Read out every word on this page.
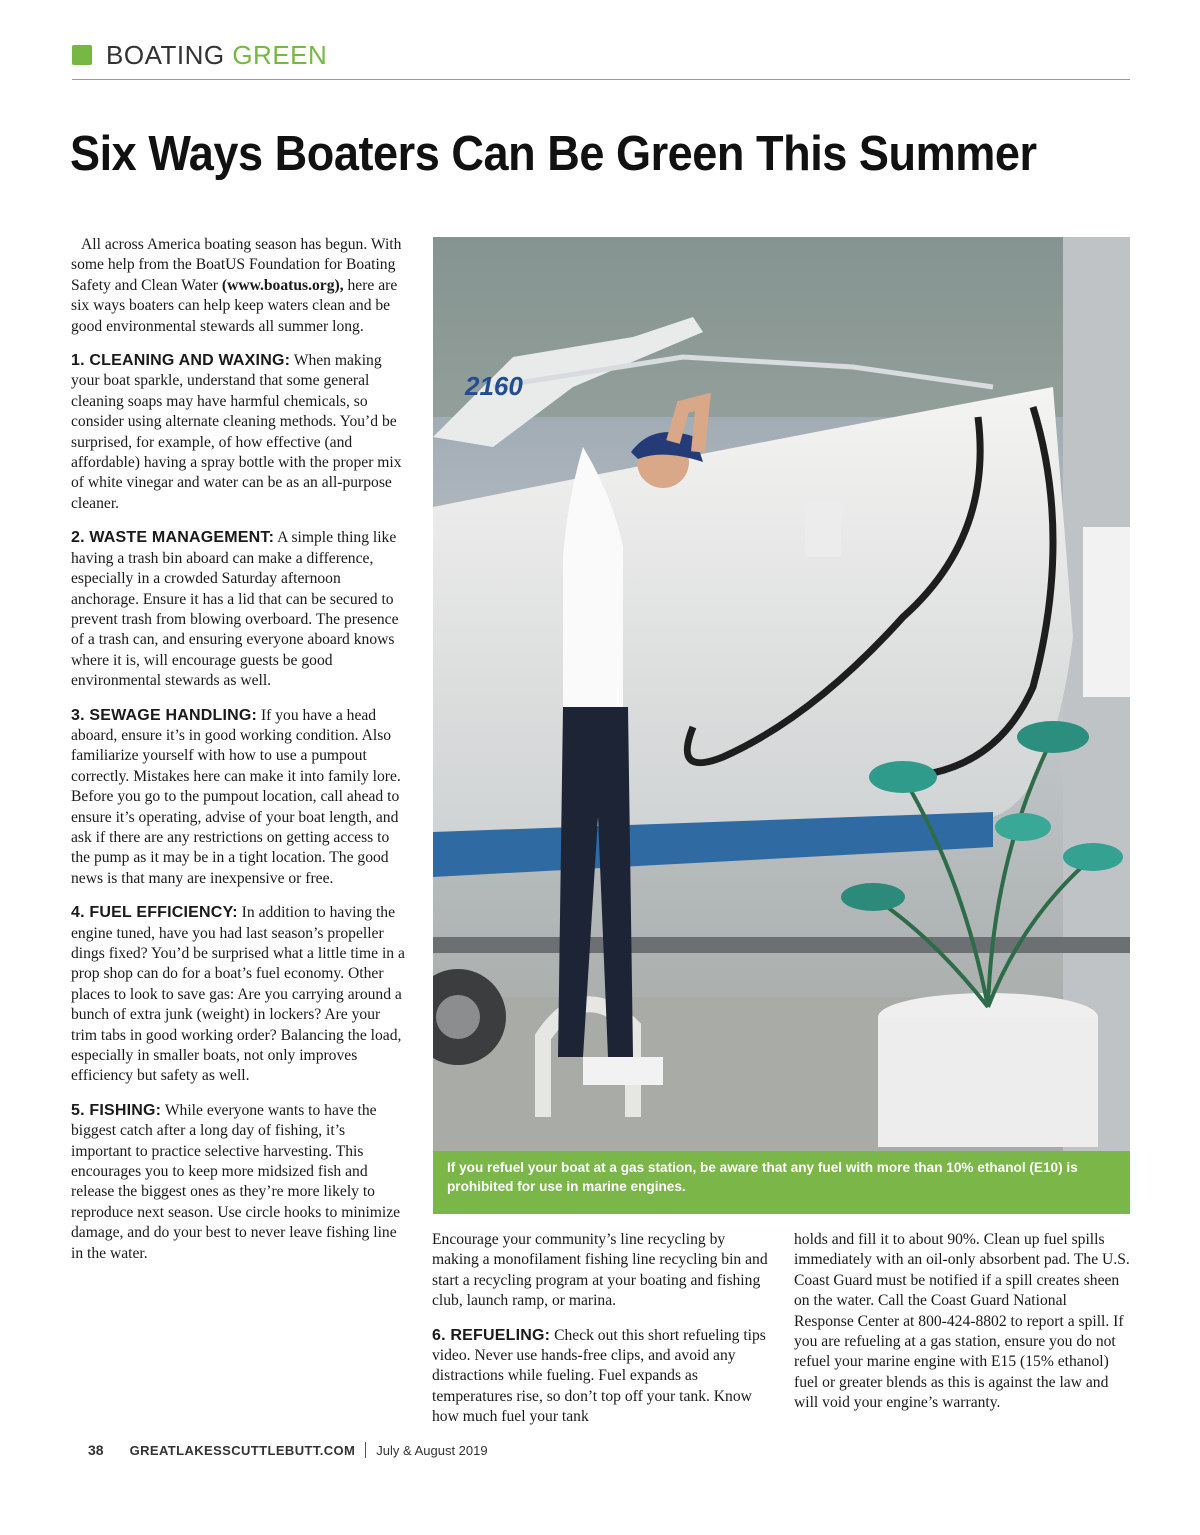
BOATING GREEN
Six Ways Boaters Can Be Green This Summer

All across America boating season has begun. With some help from the BoatUS Foundation for Boating Safety and Clean Water (www.boatus.org), here are six ways boaters can help keep waters clean and be good environmental stewards all summer long.

1. CLEANING AND WAXING: When making your boat sparkle, understand that some general cleaning soaps may have harmful chemicals, so consider using alternate cleaning methods. You’d be surprised, for example, of how effective (and affordable) having a spray bottle with the proper mix of white vinegar and water can be as an all-purpose cleaner.

2. WASTE MANAGEMENT: A simple thing like having a trash bin aboard can make a difference, especially in a crowded Saturday afternoon anchorage. Ensure it has a lid that can be secured to prevent trash from blowing overboard. The presence of a trash can, and ensuring everyone aboard knows where it is, will encourage guests be good environmental stewards as well.

3. SEWAGE HANDLING: If you have a head aboard, ensure it’s in good working condition. Also familiarize yourself with how to use a pumpout correctly. Mistakes here can make it into family lore. Before you go to the pumpout location, call ahead to ensure it’s operating, advise of your boat length, and ask if there are any restrictions on getting access to the pump as it may be in a tight location. The good news is that many are inexpensive or free.

4. FUEL EFFICIENCY: In addition to having the engine tuned, have you had last season’s propeller dings fixed? You’d be surprised what a little time in a prop shop can do for a boat’s fuel economy. Other places to look to save gas: Are you carrying around a bunch of extra junk (weight) in lockers? Are your trim tabs in good working order? Balancing the load, especially in smaller boats, not only improves efficiency but safety as well.

5. FISHING: While everyone wants to have the biggest catch after a long day of fishing, it’s important to practice selective harvesting. This encourages you to keep more midsized fish and release the biggest ones as they’re more likely to reproduce next season. Use circle hooks to minimize damage, and do your best to never leave fishing line in the water.

2160
If you refuel your boat at a gas station, be aware that any fuel with more than 10% ethanol (E10) is prohibited for use in marine engines.

Encourage your community’s line recycling by making a monofilament fishing line recycling bin and start a recycling program at your boating and fishing club, launch ramp, or marina.

6. REFUELING: Check out this short refueling tips video. Never use hands-free clips, and avoid any distractions while fueling. Fuel expands as temperatures rise, so don’t top off your tank. Know how much fuel your tank

holds and fill it to about 90%. Clean up fuel spills immediately with an oil-only absorbent pad. The U.S. Coast Guard must be notified if a spill creates sheen on the water. Call the Coast Guard National Response Center at 800-424-8802 to report a spill. If you are refueling at a gas station, ensure you do not refuel your marine engine with E15 (15% ethanol) fuel or greater blends as this is against the law and will void your engine’s warranty.

38 GREATLAKESSCUTTLEBUTT.COM July & August 2019
